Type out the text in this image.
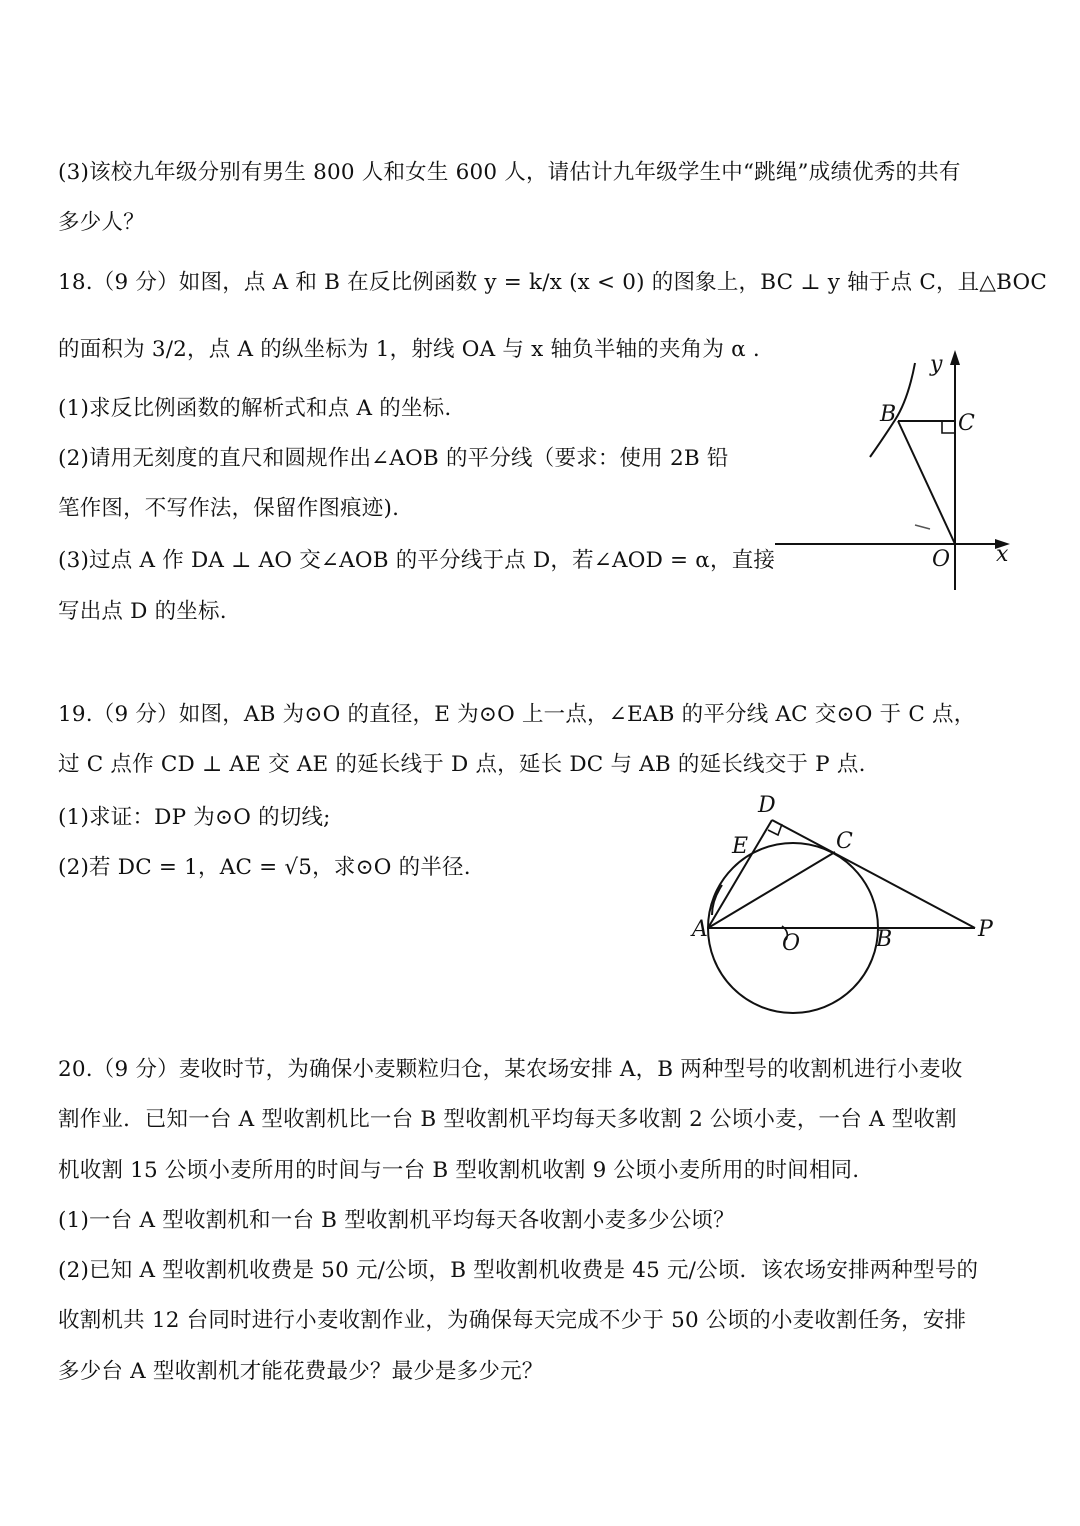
(3)该校九年级分别有男生 800 人和女生 600 人，请估计九年级学生中“跳绳”成绩优秀的共有
多少人？
18.（9 分）如图，点 A 和 B 在反比例函数 y = k/x (x < 0) 的图象上，BC ⊥ y 轴于点 C，且△BOC
的面积为 3/2，点 A 的纵坐标为 1，射线 OA 与 x 轴负半轴的夹角为 α .
(1)求反比例函数的解析式和点 A 的坐标.
(2)请用无刻度的直尺和圆规作出∠AOB 的平分线（要求：使用 2B 铅
笔作图，不写作法，保留作图痕迹).
(3)过点 A 作 DA ⊥ AO 交∠AOB 的平分线于点 D，若∠AOD = α，直接
写出点 D 的坐标.
B	C
O x
y
19.（9 分）如图，AB 为⊙O 的直径，E 为⊙O 上一点，∠EAB 的平分线 AC 交⊙O 于 C 点，
过 C 点作 CD ⊥ AE 交 AE 的延长线于 D 点，延长 DC 与 AB 的延长线交于 P 点.
(1)求证：DP 为⊙O 的切线;
(2)若 DC = 1，AC = √5，求⊙O 的半径.
D
E	C
A
O	B	P
20.（9 分）麦收时节，为确保小麦颗粒归仓，某农场安排 A，B 两种型号的收割机进行小麦收
割作业．已知一台 A 型收割机比一台 B 型收割机平均每天多收割 2 公顷小麦，一台 A 型收割
机收割 15 公顷小麦所用的时间与一台 B 型收割机收割 9 公顷小麦所用的时间相同.
(1)一台 A 型收割机和一台 B 型收割机平均每天各收割小麦多少公顷？
(2)已知 A 型收割机收费是 50 元/公顷，B 型收割机收费是 45 元/公顷．该农场安排两种型号的
收割机共 12 台同时进行小麦收割作业，为确保每天完成不少于 50 公顷的小麦收割任务，安排
多少台 A 型收割机才能花费最少？最少是多少元？
